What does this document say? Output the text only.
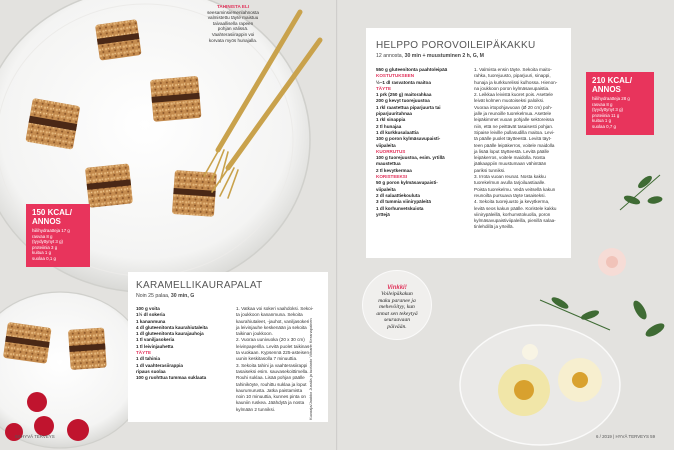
HELPPO POROVOILEIPÄKAKKU
12 annosta, 30 min + muustuminen 2 h, G, M
550 g gluteenitonta paahtoleipää
KOSTUTUKSEEN
½–1 dl rasvatonta maitoa
TÄYTE
1 prk (250 g) maitorahkaa
200 g kevyt tuorejuustoa
1 rkl raastettua piparjuurta tai
piparjuuritahnaa
1 rkl sinappia
2 tl hunajaa
1 dl kurkkusalaattia
100 g poron kylmäsavupaisti-
viipaleita
KUORRUTUS
100 g tuorejuustoa, esim. yrtillä
maustettua
2 tl kevytkermaa
KORISTEEKSI
50 g poron kylmäsavupaisti-
viipaleita
2 dl salaattiekouluta
3 dl tummia viinirypäleitä
1 dl korhunvetskuiota
yrttejä
1. Valmista ensin täyte. Sekoita maito-
rahka, tuorejuusto, piparjuuri, sinappi,
hunaja ja kurkkurelissi kulhossa. Hienon-
na joukkoon poron kylmäsavupaistia.
2. Leikkaa leivistä kuoret pois. Asettele
leivät kolmen muotoiseksi paloiksi.
Vuoraa irtopohjavuoan (Ø 20 cm) poh-
jalle ja reunoille tuorekelmua. Asettele
leipäkimmet vuoan pohjalle sektoreissa
niin, että ne peittävät tasaisesti pohjan.
Sipaise leiville pullasudilla maitoa. Levi-
tä päälle puolet täytteestä. Levitä täyt-
teen päälle leipäkerros, voitele maidolla
ja lisää loput täytteestä. Levitä päälle
leipäkerros, voitele maidolla. Nosta
jääkaappiin muustumaan vähintään
pariksi tunniksi.
3. Irrota vuoan reunat. Nosta kakku
tuorekelmun avulla tarjoiluastiaalle.
Poista tuorekelmu. Vedä veitsellä kakun
reunoilta pursuava täyte tasaiseksi.
4. Sekoita tuorejuusto ja kevytkerma,
levitä seos kakun päälle. Koristele kakku
viinirypäleillä, korhumstokuolla, poron
kylmäsavupaistiviipaleilla, pienillä salaa-
tinlehdillä ja yrteillä.
210 KCAL/
ANNOS
hiilihydraatteja 28 g
rasvaa 8 g
(tyydyttynyt 3 g)
proteiinia 11 g
kuitua 1 g
suolaa 0,7 g
Vinkki!
Voileipäkakun
maku paranee ja
mehevöityy, kun
annat sen tekeytyä
seuraavaan
päivään.
6 / 2019 | HYVÄ TERVEYS 59
KARAMELLIKAURAPALAT
Noin 25 palaa, 30 min, G
100 g voita
1½ dl sokeria
1 kananmuna
4 dl gluteenitonta kaurahiutaleita
1 dl gluteenitonta kaurajauhoja
1 tl vaniljasokeria
1 tl leivinjauhetta
TÄYTE
1 dl tahinia
1 dl vaahterasiirappia
ripaus suolaa
100 g ruohttua tummaa suklaata
1. Vatkaa voi sokeri vaahdoksi. Sekoi-
ta joukkoon kananmuna. Sekoita
kaurahiutaleet, -jauhot, vaniljasokeri
ja leivinjauhe keskenään ja sekoita
taikinan joukkoon.
2. Vuoraa uunivuoka (20 x 30 cm)
leivinpaperilla. Levitä puolet taikinas-
ta vuokaan. Kypsennä 225-asteisen
uunin keskitasolla 7 minuuttia.
3. Sekoita tahini ja vaahterasiirappi
tasaiseksi esim. sauvasekoittimella.
Rouhi suklaa. Lisää pohjan päälle
tahiniköyte, rouhittu suklaa ja loput
kaurumurusta. Jatka paistamista
noin 10 minuuttia, kunnes pinta on
kauniin ruskea. Jäähdytä ja nosta
kylmään 2 tunniksi.
150 KCAL/
ANNOS
hiilihydraatteja 17 g
rasvaa 8 g
(tyydyttynyt 3 g)
proteiinia 3 g
kuitua 1 g
suolaa 0,1 g
TAHINISTA ELI
seesaminsiemenlahnosta
valmistettu täyte maistuu
taivaallisella rapeen
pohjan välissä.
Vaahterasiirappin voi
korvata myös hunajalla.
Kuvaaja/Jaakko Jussila ja tuotanto Viihane Keranapainen
58 HYVÄ TERVEYS
